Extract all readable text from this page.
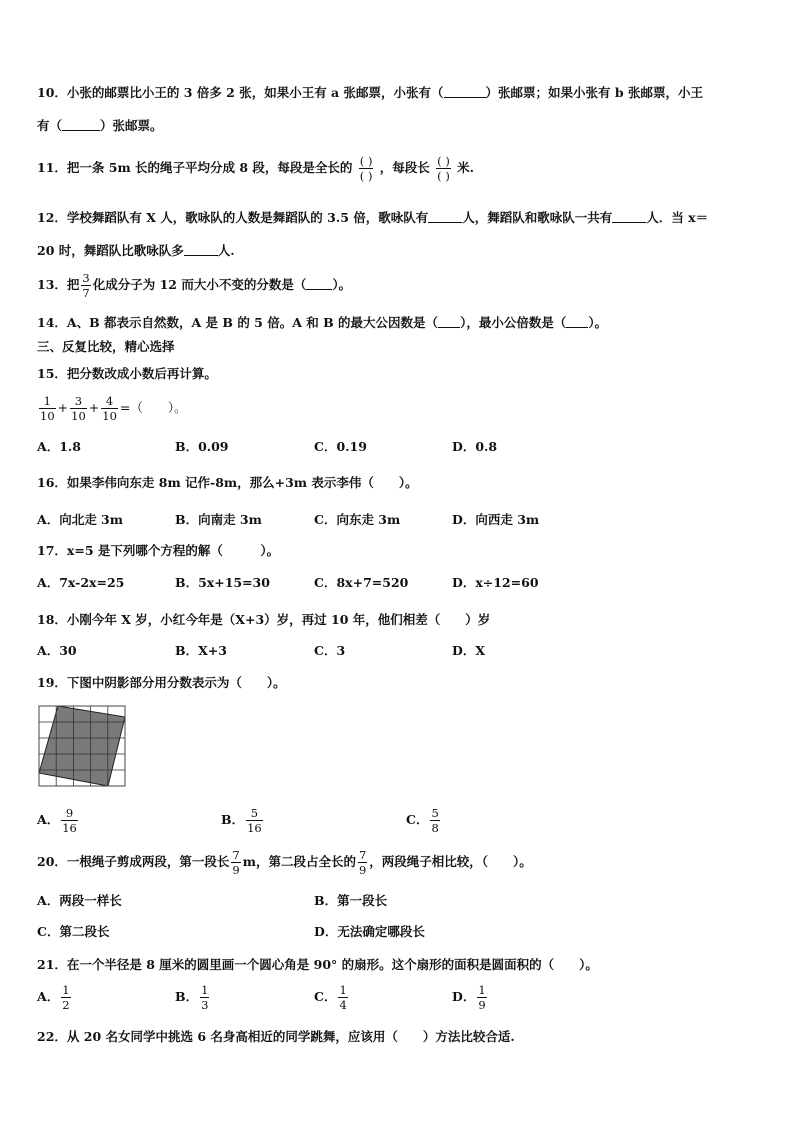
10．小张的邮票比小王的 3 倍多 2 张，如果小王有 a 张邮票，小张有（	）张邮票；如果小张有 b 张邮票，小王
有（	）张邮票。
11．把一条 5m 长的绳子平均分成 8 段，每段是全长的 $\frac{( )}{( )}$ ，每段长 $\frac{( )}{( )}$ 米.
12．学校舞蹈队有 X 人，歌咏队的人数是舞蹈队的 3.5 倍，歌咏队有	人，舞蹈队和歌咏队一共有	人．当 x＝
20 时，舞蹈队比歌咏队多	人.
13．把 $\frac{3}{7}$ 化成分子为 12 而大小不变的分数是（ ）。
14．A、B 都表示自然数，A 是 B 的 5 倍。A 和 B 的最大公因数是（ ），最小公倍数是（ ）。
三、反复比较，精心选择
15．把分数改成小数后再计算。
$\frac{1}{10} + \frac{3}{10} + \frac{4}{10}$ =（　　）。
A．1.8	B．0.09	C．0.19	D．0.8
16．如果李伟向东走 8m 记作-8m，那么+3m 表示李伟（　　）。
A．向北走 3m	B．向南走 3m	C．向东走 3m	D．向西走 3m
17．x=5 是下列哪个方程的解（　　　）。
A．7x-2x=25	B．5x+15=30	C．8x+7=520	D．x÷12=60
18．小刚今年 X 岁，小红今年是（X+3）岁，再过 10 年，他们相差（　　）岁
A．30	B．X+3	C．3	D．X
19．下图中阴影部分用分数表示为（　　）。
A． $\frac{9}{16}$	B． $\frac{5}{16}$	C． $\frac{5}{8}$
20．一根绳子剪成两段，第一段长 $\frac{7}{9}$ m，第二段占全长的 $\frac{7}{9}$ ，两段绳子相比较，（　　）。
A．两段一样长	B．第一段长
C．第二段长	D．无法确定哪段长
21．在一个半径是 8 厘米的圆里画一个圆心角是 90° 的扇形。这个扇形的面积是圆面积的（　　）。
A． $\frac{1}{2}$	B． $\frac{1}{3}$	C． $\frac{1}{4}$	D． $\frac{1}{9}$
22．从 20 名女同学中挑选 6 名身高相近的同学跳舞，应该用（　　）方法比较合适.
